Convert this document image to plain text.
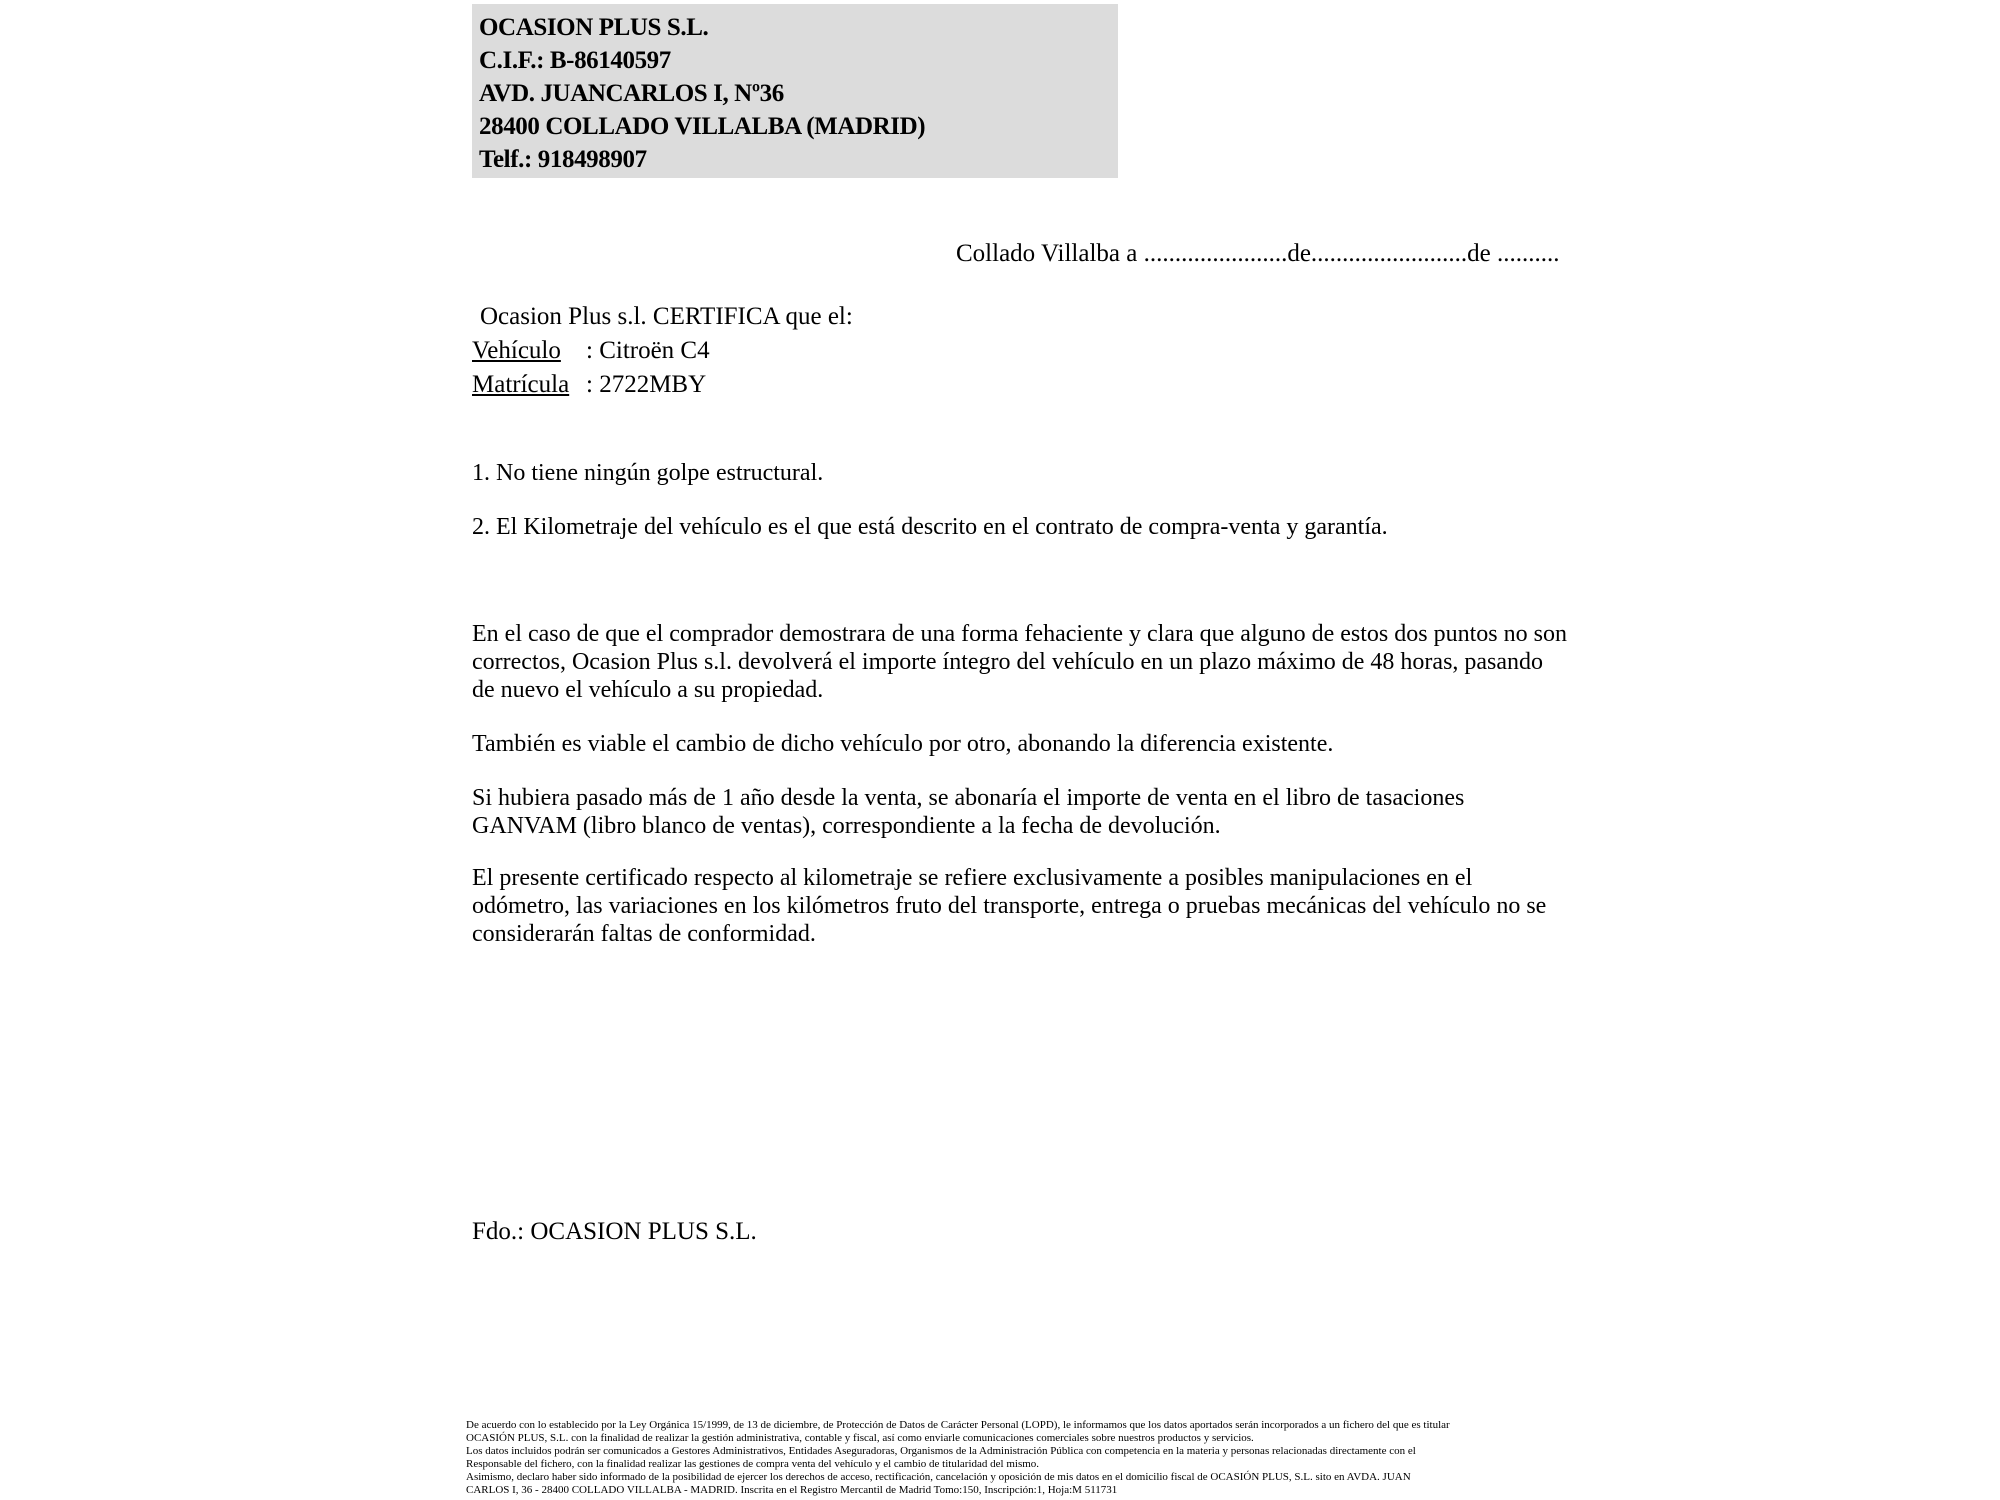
OCASION PLUS S.L.
C.I.F.: B-86140597
AVD. JUANCARLOS I, Nº36
28400 COLLADO VILLALBA (MADRID)
Telf.: 918498907
Collado Villalba a .......................de.........................de ..........
Ocasion Plus s.l. CERTIFICA que el:
Vehículo : Citroën C4
Matrícula : 2722MBY
1. No tiene ningún golpe estructural.
2. El Kilometraje del vehículo es el que está descrito en el contrato de compra-venta y garantía.
En el caso de que el comprador demostrara de una forma fehaciente y clara que alguno de estos dos puntos no son correctos, Ocasion Plus s.l. devolverá el importe íntegro del vehículo en un plazo máximo de 48 horas, pasando de nuevo el vehículo a su propiedad.
También es viable el cambio de dicho vehículo por otro, abonando la diferencia existente.
Si hubiera pasado más de 1 año desde la venta, se abonaría el importe de venta en el libro de tasaciones GANVAM (libro blanco de ventas), correspondiente a la fecha de devolución.
El presente certificado respecto al kilometraje se refiere exclusivamente a posibles manipulaciones en el odómetro, las variaciones en los kilómetros fruto del transporte, entrega o pruebas mecánicas del vehículo no se considerarán faltas de conformidad.
Fdo.: OCASION PLUS S.L.
De acuerdo con lo establecido por la Ley Orgánica 15/1999, de 13 de diciembre, de Protección de Datos de Carácter Personal (LOPD), le informamos que los datos aportados serán incorporados a un fichero del que es titular
OCASIÓN PLUS, S.L. con la finalidad de realizar la gestión administrativa, contable y fiscal, así como enviarle comunicaciones comerciales sobre nuestros productos y servicios.
Los datos incluidos podrán ser comunicados a Gestores Administrativos, Entidades Aseguradoras, Organismos de la Administración Pública con competencia en la materia y personas relacionadas directamente con el
Responsable del fichero, con la finalidad realizar las gestiones de compra venta del vehículo y el cambio de titularidad del mismo.
Asimismo, declaro haber sido informado de la posibilidad de ejercer los derechos de acceso, rectificación, cancelación y oposición de mis datos en el domicilio fiscal de OCASIÓN PLUS, S.L. sito en AVDA. JUAN
CARLOS I, 36 - 28400 COLLADO VILLALBA - MADRID. Inscrita en el Registro Mercantil de Madrid Tomo:150, Inscripción:1, Hoja:M 511731
